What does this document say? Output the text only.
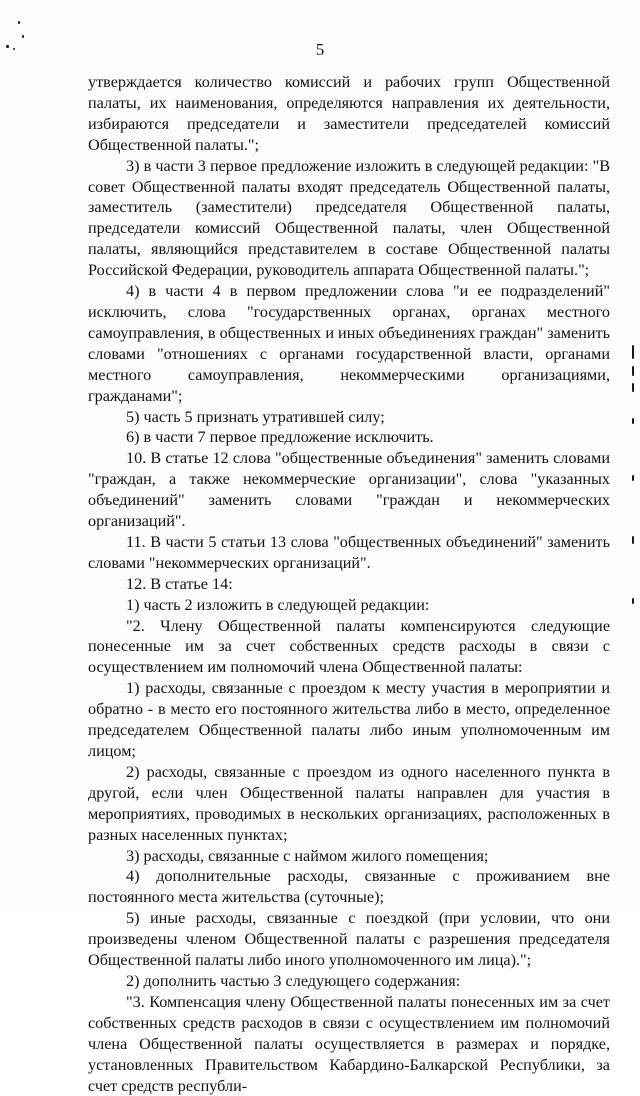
5

утверждается количество комиссий и рабочих групп Общественной палаты, их наименования, определяются направления их деятельности, избираются председатели и заместители председателей комиссий Общественной палаты.";

3) в части 3 первое предложение изложить в следующей редакции: "В совет Общественной палаты входят председатель Общественной палаты, заместитель (заместители) председателя Общественной палаты, председатели комиссий Общественной палаты, член Общественной палаты, являющийся представителем в составе Общественной палаты Российской Федерации, руководитель аппарата Общественной палаты.";

4) в части 4 в первом предложении слова "и ее подразделений" исключить, слова "государственных органах, органах местного самоуправления, в общественных и иных объединениях граждан" заменить словами "отношениях с органами государственной власти, органами местного самоуправления, некоммерческими организациями, гражданами";

5) часть 5 признать утратившей силу;

6) в части 7 первое предложение исключить.

10. В статье 12 слова "общественные объединения" заменить словами "граждан, а также некоммерческие организации", слова "указанных объединений" заменить словами "граждан и некоммерческих организаций".

11. В части 5 статьи 13 слова "общественных объединений" заменить словами "некоммерческих организаций".

12. В статье 14:

1) часть 2 изложить в следующей редакции:

"2. Члену Общественной палаты компенсируются следующие понесенные им за счет собственных средств расходы в связи с осуществлением им полномочий члена Общественной палаты:

1) расходы, связанные с проездом к месту участия в мероприятии и обратно - в место его постоянного жительства либо в место, определенное председателем Общественной палаты либо иным уполномоченным им лицом;

2) расходы, связанные с проездом из одного населенного пункта в другой, если член Общественной палаты направлен для участия в мероприятиях, проводимых в нескольких организациях, расположенных в разных населенных пунктах;

3) расходы, связанные с наймом жилого помещения;

4) дополнительные расходы, связанные с проживанием вне постоянного места жительства (суточные);

5) иные расходы, связанные с поездкой (при условии, что они произведены членом Общественной палаты с разрешения председателя Общественной палаты либо иного уполномоченного им лица).";

2) дополнить частью 3 следующего содержания:

"3. Компенсация члену Общественной палаты понесенных им за счет собственных средств расходов в связи с осуществлением им полномочий члена Общественной палаты осуществляется в размерах и порядке, установленных Правительством Кабардино-Балкарской Республики, за счет средств республи-
